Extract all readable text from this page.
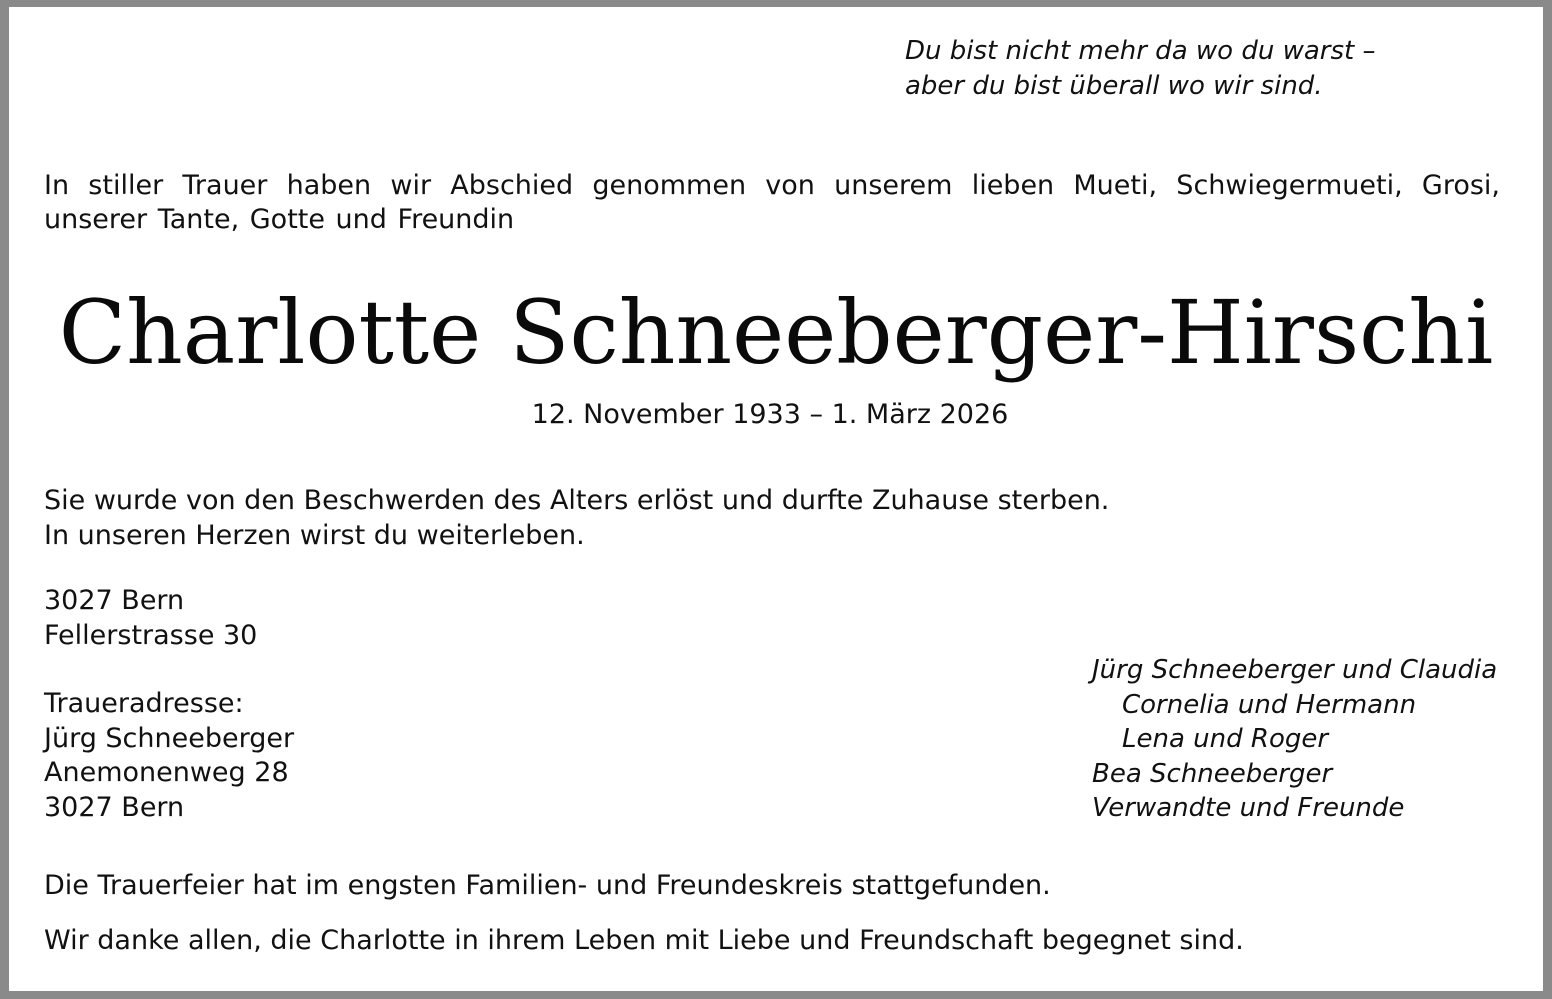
Du bist nicht mehr da wo du warst –
aber du bist überall wo wir sind.
In stiller Trauer haben wir Abschied genommen von unserem lieben Mueti, Schwiegermueti, Grosi,
unserer Tante, Gotte und Freundin
Charlotte Schneeberger-Hirschi
12. November 1933 – 1. März 2026
Sie wurde von den Beschwerden des Alters erlöst und durfte Zuhause sterben.
In unseren Herzen wirst du weiterleben.
3027 Bern
Fellerstrasse 30
Traueradresse:
Jürg Schneeberger
Anemonenweg 28
3027 Bern
Jürg Schneeberger und Claudia
Cornelia und Hermann
Lena und Roger
Bea Schneeberger
Verwandte und Freunde
Die Trauerfeier hat im engsten Familien- und Freundeskreis stattgefunden.
Wir danke allen, die Charlotte in ihrem Leben mit Liebe und Freundschaft begegnet sind.
